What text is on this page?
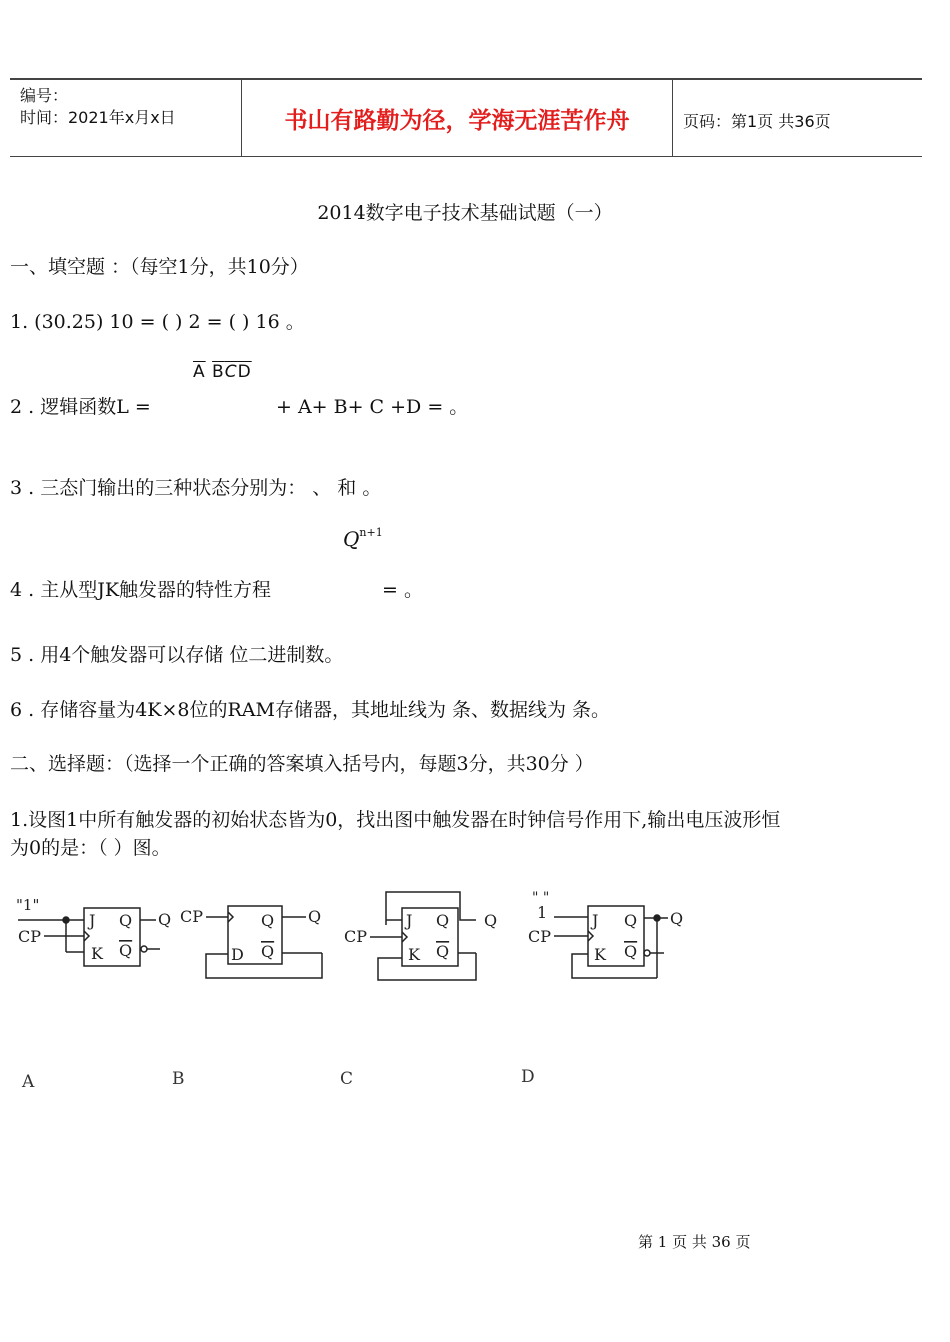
编号：
时间：2021年x月x日	书山有路勤为径，学海无涯苦作舟	页码：第1页 共36页
2014数字电子技术基础试题（一）
一、填空题 ：（每空1分，共10分）
1. (30.25) 10 = ( ) 2 = ( ) 16 。
$\overline{A}$ $\overline{B}\overline{C}\overline{D}$
2 . 逻辑函数L =	+ A+ B+ C +D = 。
3 . 三态门输出的三种状态分别为： 、 和 。
$Q^{n+1}$
4 . 主从型JK触发器的特性方程	= 。
5 . 用4个触发器可以存储 位二进制数。
6 . 存储容量为4K×8位的RAM存储器，其地址线为 条、数据线为 条。
二、选择题：（选择一个正确的答案填入括号内，每题3分，共30分 ）
1.设图1中所有触发器的初始状态皆为0，找出图中触发器在时钟信号作用下,输出电压波形恒
为0的是：（ ）图。
"1"
CP
J
K
Q
Q
Q CP
D
Q
Q
Q
CP
J
K
Q
Q
Q
" "
1
CP
J
K
Q
Q
Q
A	B	C	D
第 1 页 共 36 页
